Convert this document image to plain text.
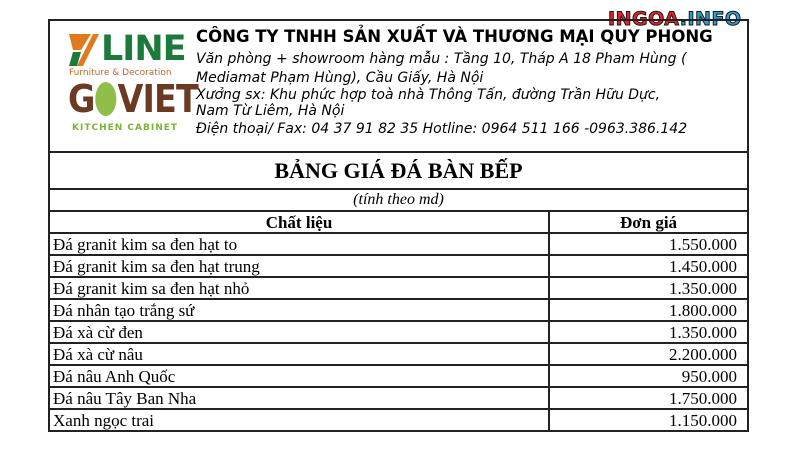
INGOA.INFO
LINE
Furniture & Decoration
G VIET
KITCHEN CABINET
CÔNG TY TNHH SẢN XUẤT VÀ THƯƠNG MẠI QUY PHONG
Văn phòng + showroom hàng mẫu : Tầng 10, Tháp A 18 Pham Hùng (
Mediamat Phạm Hùng), Cầu Giấy, Hà Nội
Xưởng sx: Khu phức hợp toà nhà Thông Tấn, đường Trần Hữu Dực,
Nam Từ Liêm, Hà Nội
Điện thoại/ Fax: 04 37 91 82 35 Hotline: 0964 511 166 -0963.386.142
BẢNG GIÁ ĐÁ BÀN BẾP
(tính theo md)
Chất liệu	Đơn giá
Đá granit kim sa đen hạt to	1.550.000
Đá granit kim sa đen hạt trung	1.450.000
Đá granit kim sa đen hạt nhỏ	1.350.000
Đá nhân tạo trắng sứ	1.800.000
Đá xà cừ đen	1.350.000
Đá xà cừ nâu	2.200.000
Đá nâu Anh Quốc	950.000
Đá nâu Tây Ban Nha	1.750.000
Xanh ngọc trai	1.150.000
